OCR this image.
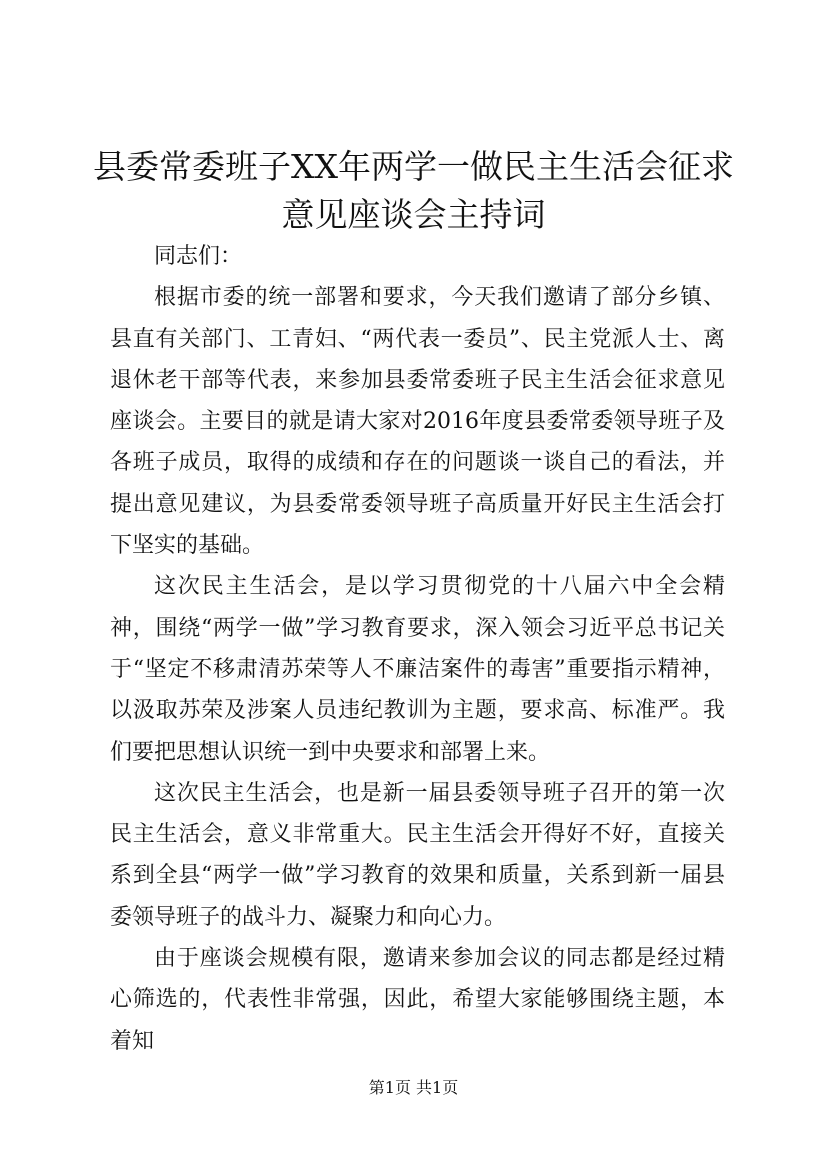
县委常委班子XX年两学一做民主生活会征求
意见座谈会主持词

同志们：

根据市委的统一部署和要求，今天我们邀请了部分乡镇、县直有关部门、工青妇、“两代表一委员”、民主党派人士、离退休老干部等代表，来参加县委常委班子民主生活会征求意见座谈会。主要目的就是请大家对2016年度县委常委领导班子及各班子成员，取得的成绩和存在的问题谈一谈自己的看法，并提出意见建议，为县委常委领导班子高质量开好民主生活会打下坚实的基础。

这次民主生活会，是以学习贯彻党的十八届六中全会精神，围绕“两学一做”学习教育要求，深入领会习近平总书记关于“坚定不移肃清苏荣等人不廉洁案件的毒害”重要指示精神，以汲取苏荣及涉案人员违纪教训为主题，要求高、标准严。我们要把思想认识统一到中央要求和部署上来。

这次民主生活会，也是新一届县委领导班子召开的第一次民主生活会，意义非常重大。民主生活会开得好不好，直接关系到全县“两学一做”学习教育的效果和质量，关系到新一届县委领导班子的战斗力、凝聚力和向心力。

由于座谈会规模有限，邀请来参加会议的同志都是经过精心筛选的，代表性非常强，因此，希望大家能够围绕主题，本着知

第1页 共1页
